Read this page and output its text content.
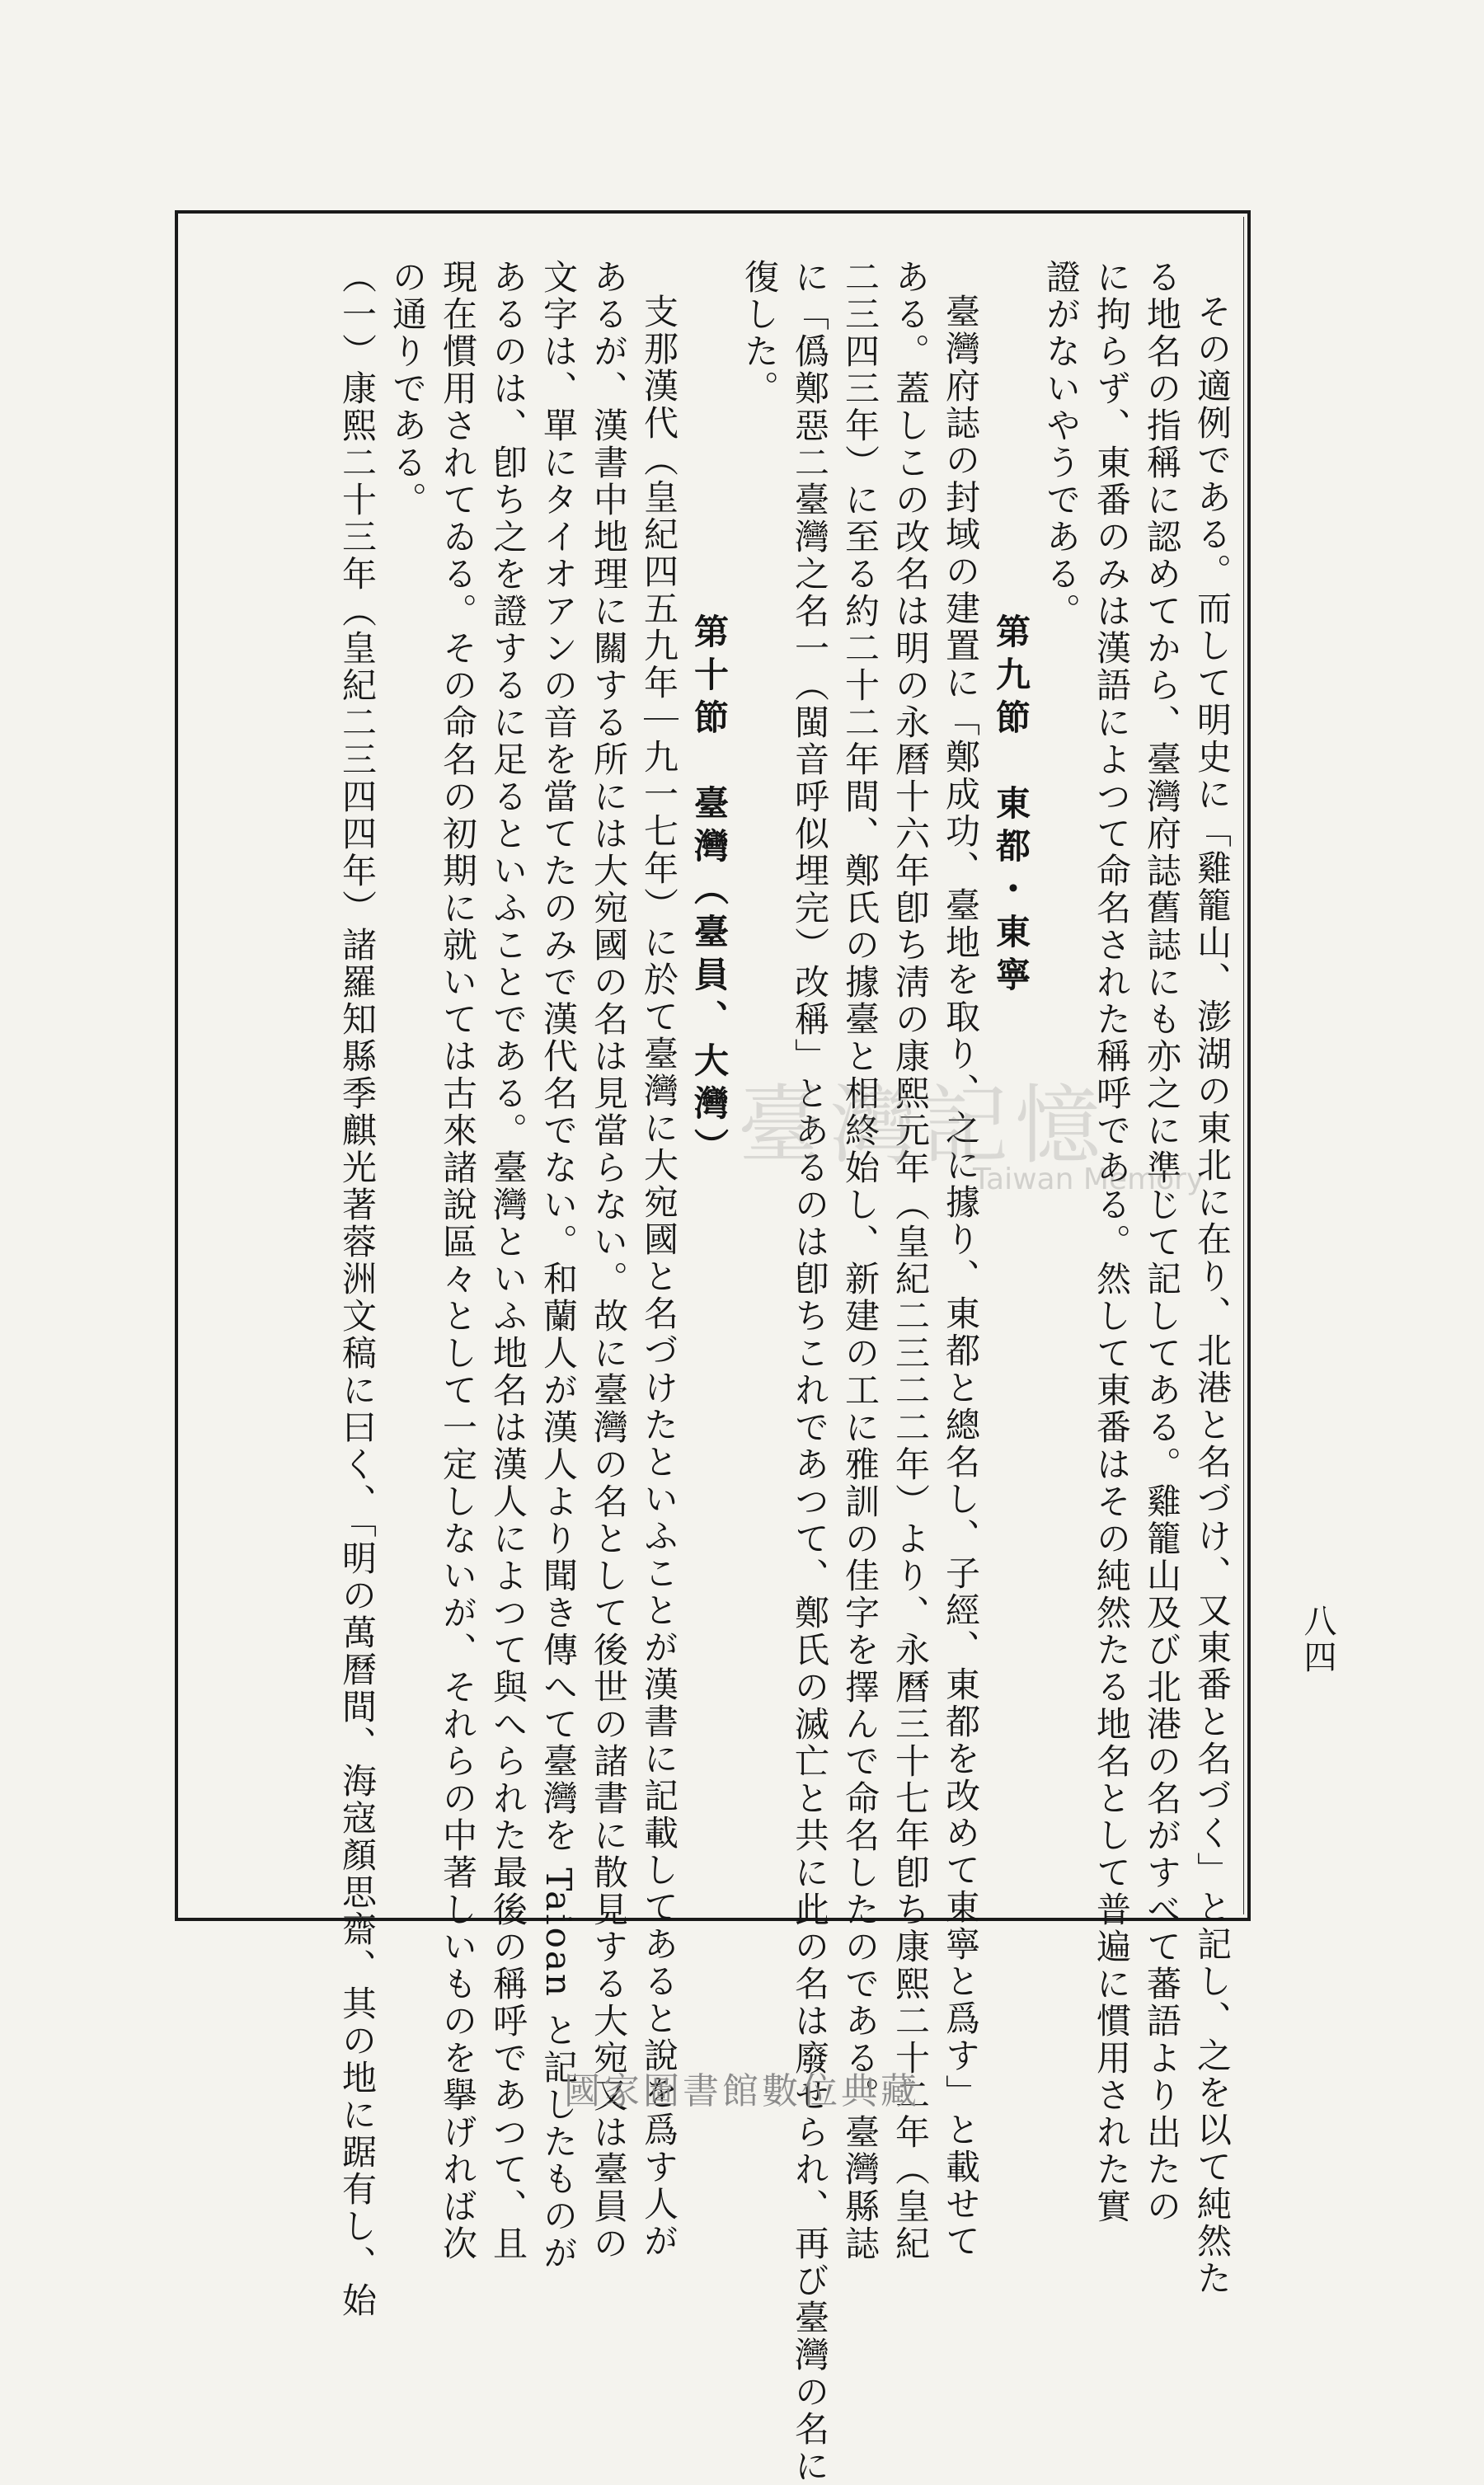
その適例である。而して明史に「雞籠山、澎湖の東北に在り、北港と名づけ、又東番と名づく」と記し、之を以て純然た

る地名の指稱に認めてから、臺灣府誌舊誌にも亦之に準じて記してある。雞籠山及び北港の名がすべて蕃語より出たの

に拘らず、東番のみは漢語によつて命名された稱呼である。然して東番はその純然たる地名として普遍に慣用された實

證がないやうである。

第九節　東都・東寧

臺灣府誌の封域の建置に「鄭成功、臺地を取り、之に據り、東都と總名し、子經、東都を改めて東寧と爲す」と載せて

ある。蓋しこの改名は明の永曆十六年卽ち淸の康熙元年（皇紀二三二二年）より、永曆三十七年卽ち康熙二十二年（皇紀

二三四三年）に至る約二十二年間、鄭氏の據臺と相終始し、新建の工に雅訓の佳字を擇んで命名したのである。臺灣縣誌

に「僞鄭惡二臺灣之名一（閩音呼似埋完）改稱」とあるのは卽ちこれであつて、鄭氏の滅亡と共に此の名は廢せられ、再び臺灣の名に

復した。

第十節　臺灣（臺員、大灣）

支那漢代（皇紀四五九年｜九一七年）に於て臺灣に大宛國と名づけたといふことが漢書に記載してあると說を爲す人が

あるが、漢書中地理に關する所には大宛國の名は見當らない。故に臺灣の名として後世の諸書に散見する大宛又は臺員の

文字は、單にタイオアンの音を當てたのみで漢代名でない。和蘭人が漢人より聞き傳へて臺灣を Taioan と記したものが

あるのは、卽ち之を證するに足るといふことである。臺灣といふ地名は漢人によつて與へられた最後の稱呼であつて、且

現在慣用されてゐる。その命名の初期に就いては古來諸說區々として一定しないが、それらの中著しいものを擧げれば次

の通りである。

（一）康熙二十三年（皇紀二三四四年）諸羅知縣季麒光著蓉洲文稿に曰く、「明の萬曆間、海寇顏思齋、其の地に踞有し、始	八四
臺灣記憶
Taiwan Memory
國家圖書館數位典藏
